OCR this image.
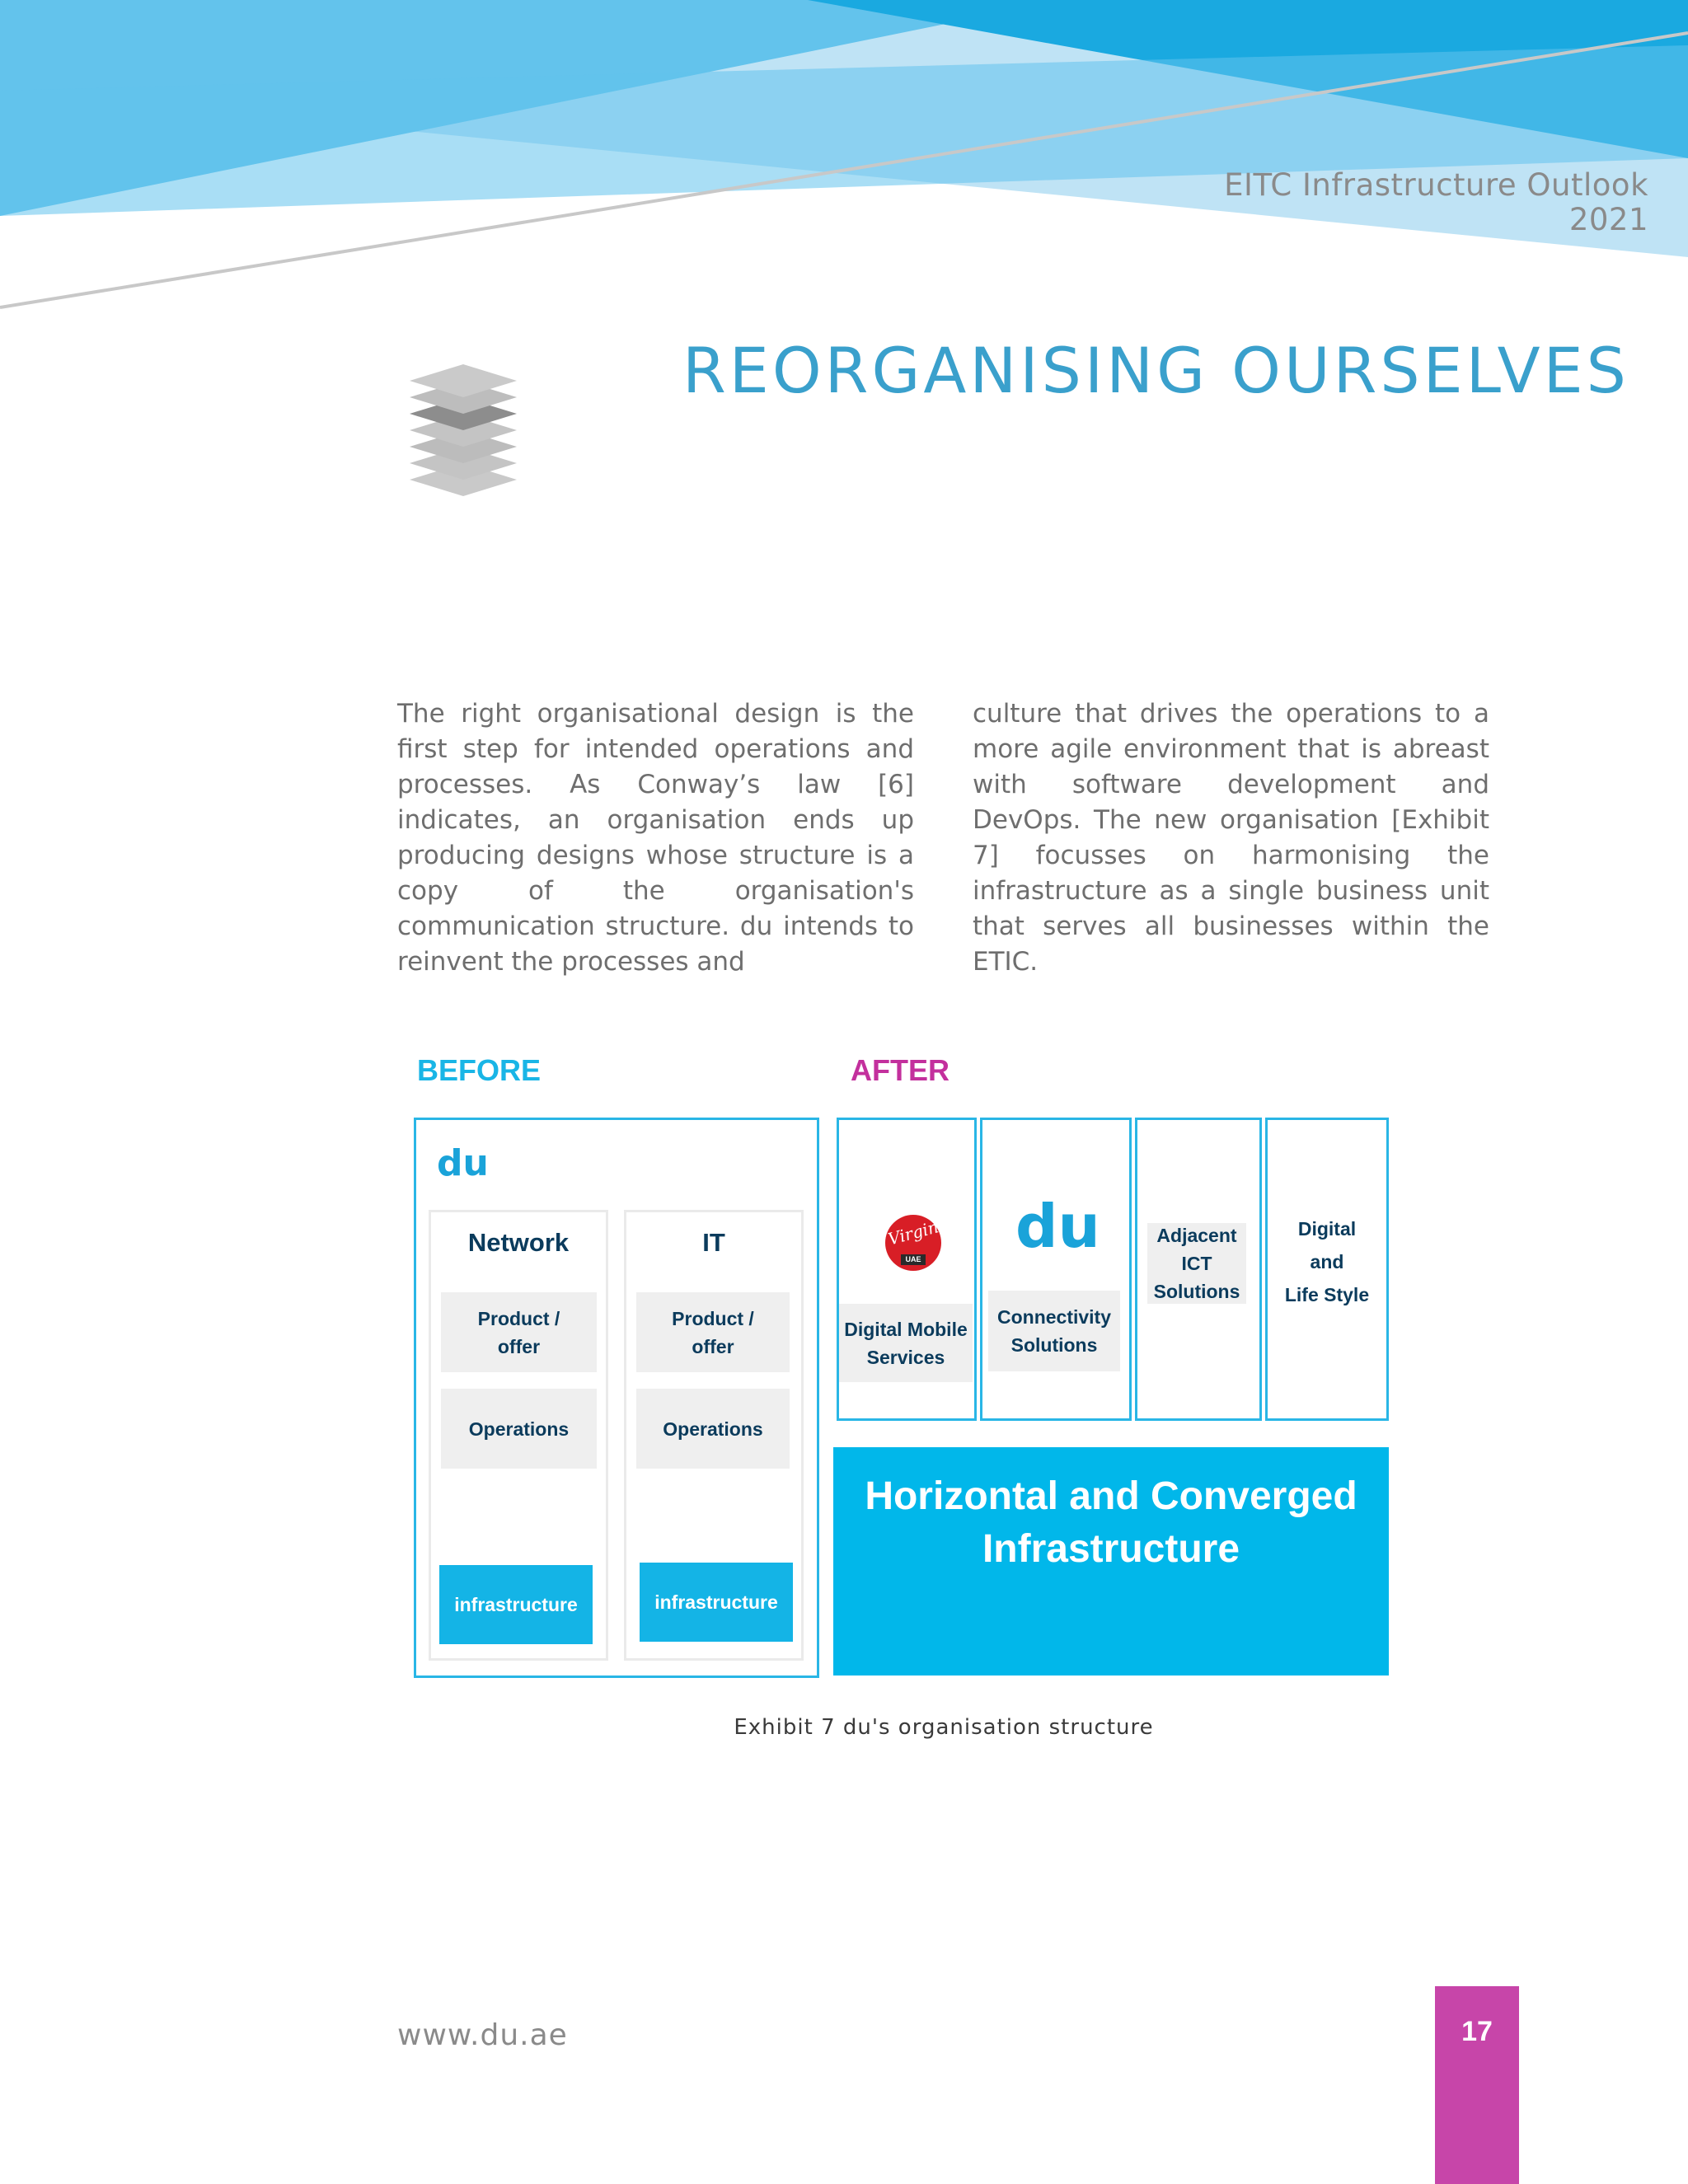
EITC Infrastructure Outlook
2021
REORGANISING OURSELVES
The right organisational design is the first step for intended operations and processes. As Conway’s law [6] indicates, an organisation ends up producing designs whose structure is a copy of the organisation's communication structure. du intends to reinvent the processes and
culture that drives the operations to a more agile environment that is abreast with software development and DevOps. The new organisation [Exhibit 7] focusses on harmonising the infrastructure as a single business unit that serves all businesses within the ETIC.
BEFORE	AFTER
du
Network	IT
Product /
offer
Product /
offer
Operations	Operations
infrastructure	infrastructure
Virgin
UAE du
Digital Mobile
Services
Connectivity
Solutions
Adjacent
ICT
Solutions
Digital
and
Life Style
Horizontal and Converged
Infrastructure
Exhibit 7 du's organisation structure
www.du.ae	17
